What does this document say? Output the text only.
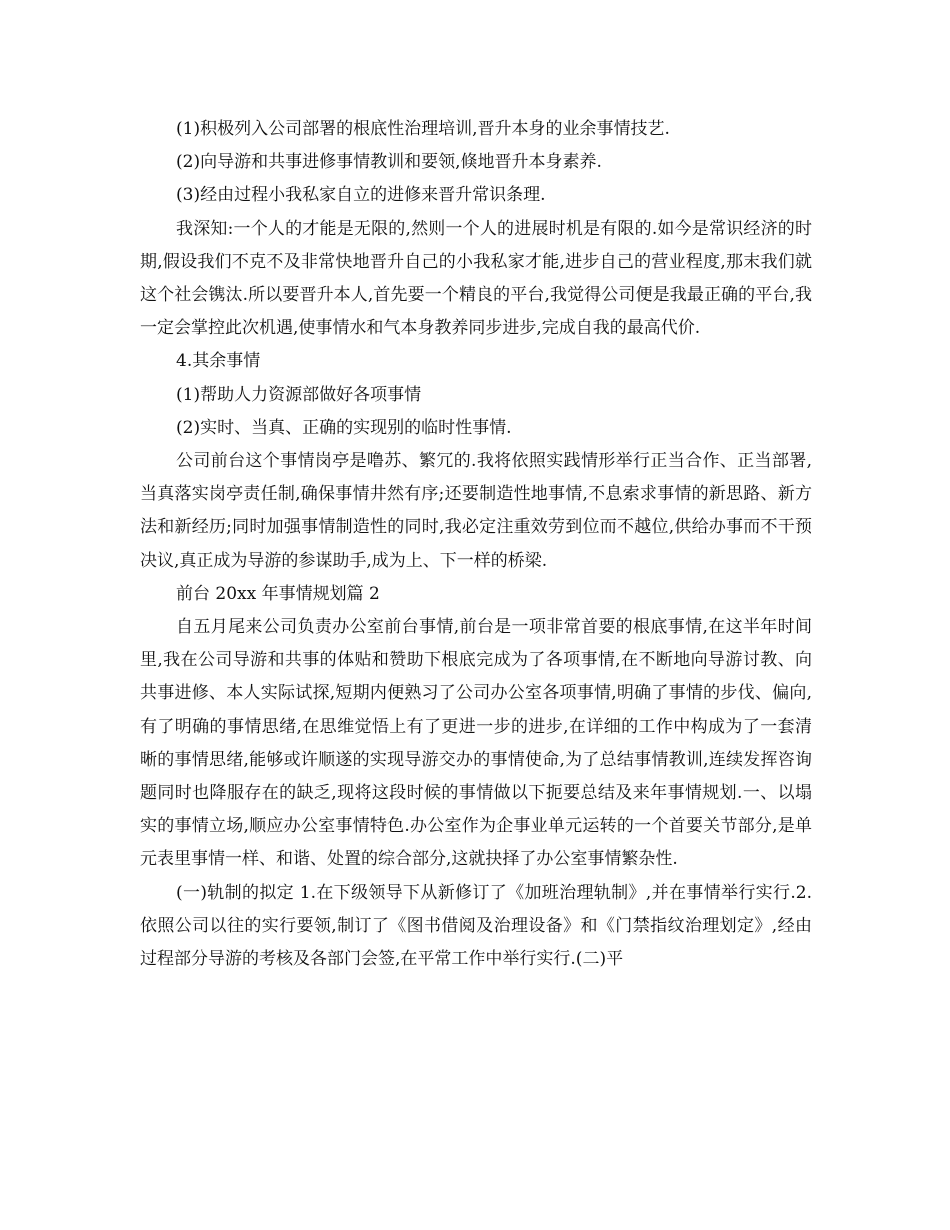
(1)积极列入公司部署的根底性治理培训,晋升本身的业余事情技艺.

(2)向导游和共事进修事情教训和要领,倏地晋升本身素养.

(3)经由过程小我私家自立的进修来晋升常识条理.

我深知:一个人的才能是无限的,然则一个人的进展时机是有限的.如今是常识经济的时期,假设我们不克不及非常快地晋升自己的小我私家才能,进步自己的营业程度,那末我们就这个社会镌汰.所以要晋升本人,首先要一个精良的平台,我觉得公司便是我最正确的平台,我一定会掌控此次机遇,使事情水和气本身教养同步进步,完成自我的最高代价.

4.其余事情

(1)帮助人力资源部做好各项事情

(2)实时、当真、正确的实现别的临时性事情.

公司前台这个事情岗亭是噜苏、繁冗的.我将依照实践情形举行正当合作、正当部署,当真落实岗亭责任制,确保事情井然有序;还要制造性地事情,不息索求事情的新思路、新方法和新经历;同时加强事情制造性的同时,我必定注重效劳到位而不越位,供给办事而不干预决议,真正成为导游的参谋助手,成为上、下一样的桥梁.

前台 20xx 年事情规划篇 2

自五月尾来公司负责办公室前台事情,前台是一项非常首要的根底事情,在这半年时间里,我在公司导游和共事的体贴和赞助下根底完成为了各项事情,在不断地向导游讨教、向共事进修、本人实际试探,短期内便熟习了公司办公室各项事情,明确了事情的步伐、偏向,有了明确的事情思绪,在思维觉悟上有了更进一步的进步,在详细的工作中构成为了一套清晰的事情思绪,能够或许顺遂的实现导游交办的事情使命,为了总结事情教训,连续发挥咨询题同时也降服存在的缺乏,现将这段时候的事情做以下扼要总结及来年事情规划.一、以塌实的事情立场,顺应办公室事情特色.办公室作为企事业单元运转的一个首要关节部分,是单元表里事情一样、和谐、处置的综合部分,这就抉择了办公室事情繁杂性.

(一)轨制的拟定 1.在下级领导下从新修订了《加班治理轨制》,并在事情举行实行.2.依照公司以往的实行要领,制订了《图书借阅及治理设备》和《门禁指纹治理划定》,经由过程部分导游的考核及各部门会签,在平常工作中举行实行.(二)平
